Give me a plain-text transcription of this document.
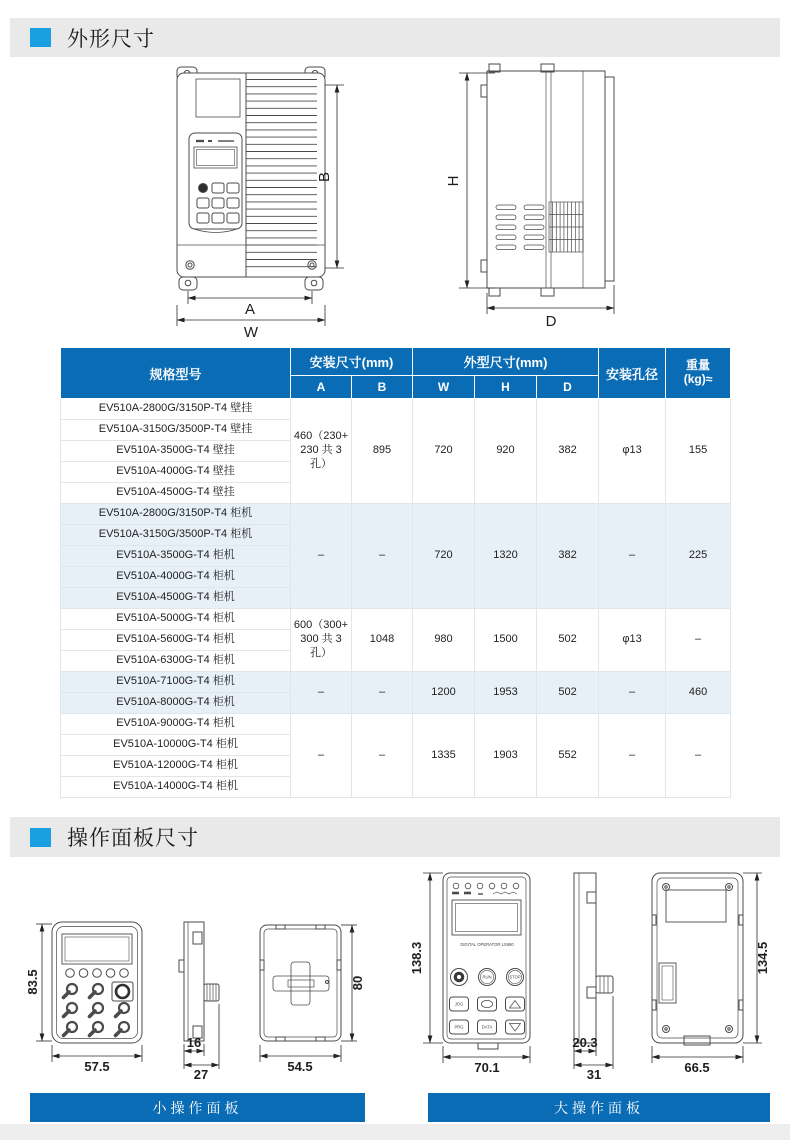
外形尺寸
A
W
B	H
D
规格型号	安装尺寸(mm)		外型尺寸(mm)			安装孔径	重量
(kg)≈

	A	B	W	H	D		
EV510A-2800G/3150P-T4 壁挂	460（230+230 共 3 孔）	895	720	920	382	φ13	155
EV510A-3150G/3500P-T4 壁挂							
EV510A-3500G-T4 壁挂							
EV510A-4000G-T4 壁挂							
EV510A-4500G-T4 壁挂							
EV510A-2800G/3150P-T4 柜机	–	–	720	1320	382	–	225
EV510A-3150G/3500P-T4 柜机							
EV510A-3500G-T4 柜机							
EV510A-4000G-T4 柜机							
EV510A-4500G-T4 柜机							
EV510A-5000G-T4 柜机	600（300+300 共 3 孔）	1048	980	1500	502	φ13	–
EV510A-5600G-T4 柜机							
EV510A-6300G-T4 柜机							
EV510A-7100G-T4 柜机	–	–	1200	1953	502	–	460
EV510A-8000G-T4 柜机							
EV510A-9000G-T4 柜机	–	–	1335	1903	552	–	–
EV510A-10000G-T4 柜机							
EV510A-12000G-T4 柜机							
EV510A-14000G-T4 柜机							
操作面板尺寸
83.5
57.5
16
27
54.5
80
DIGITAL OPERATOR LS590
RUN	STOP
JOG
PRG	DATA
138.3
70.1
20.3
31	66.5
134.5
小操作面板	大操作面板
